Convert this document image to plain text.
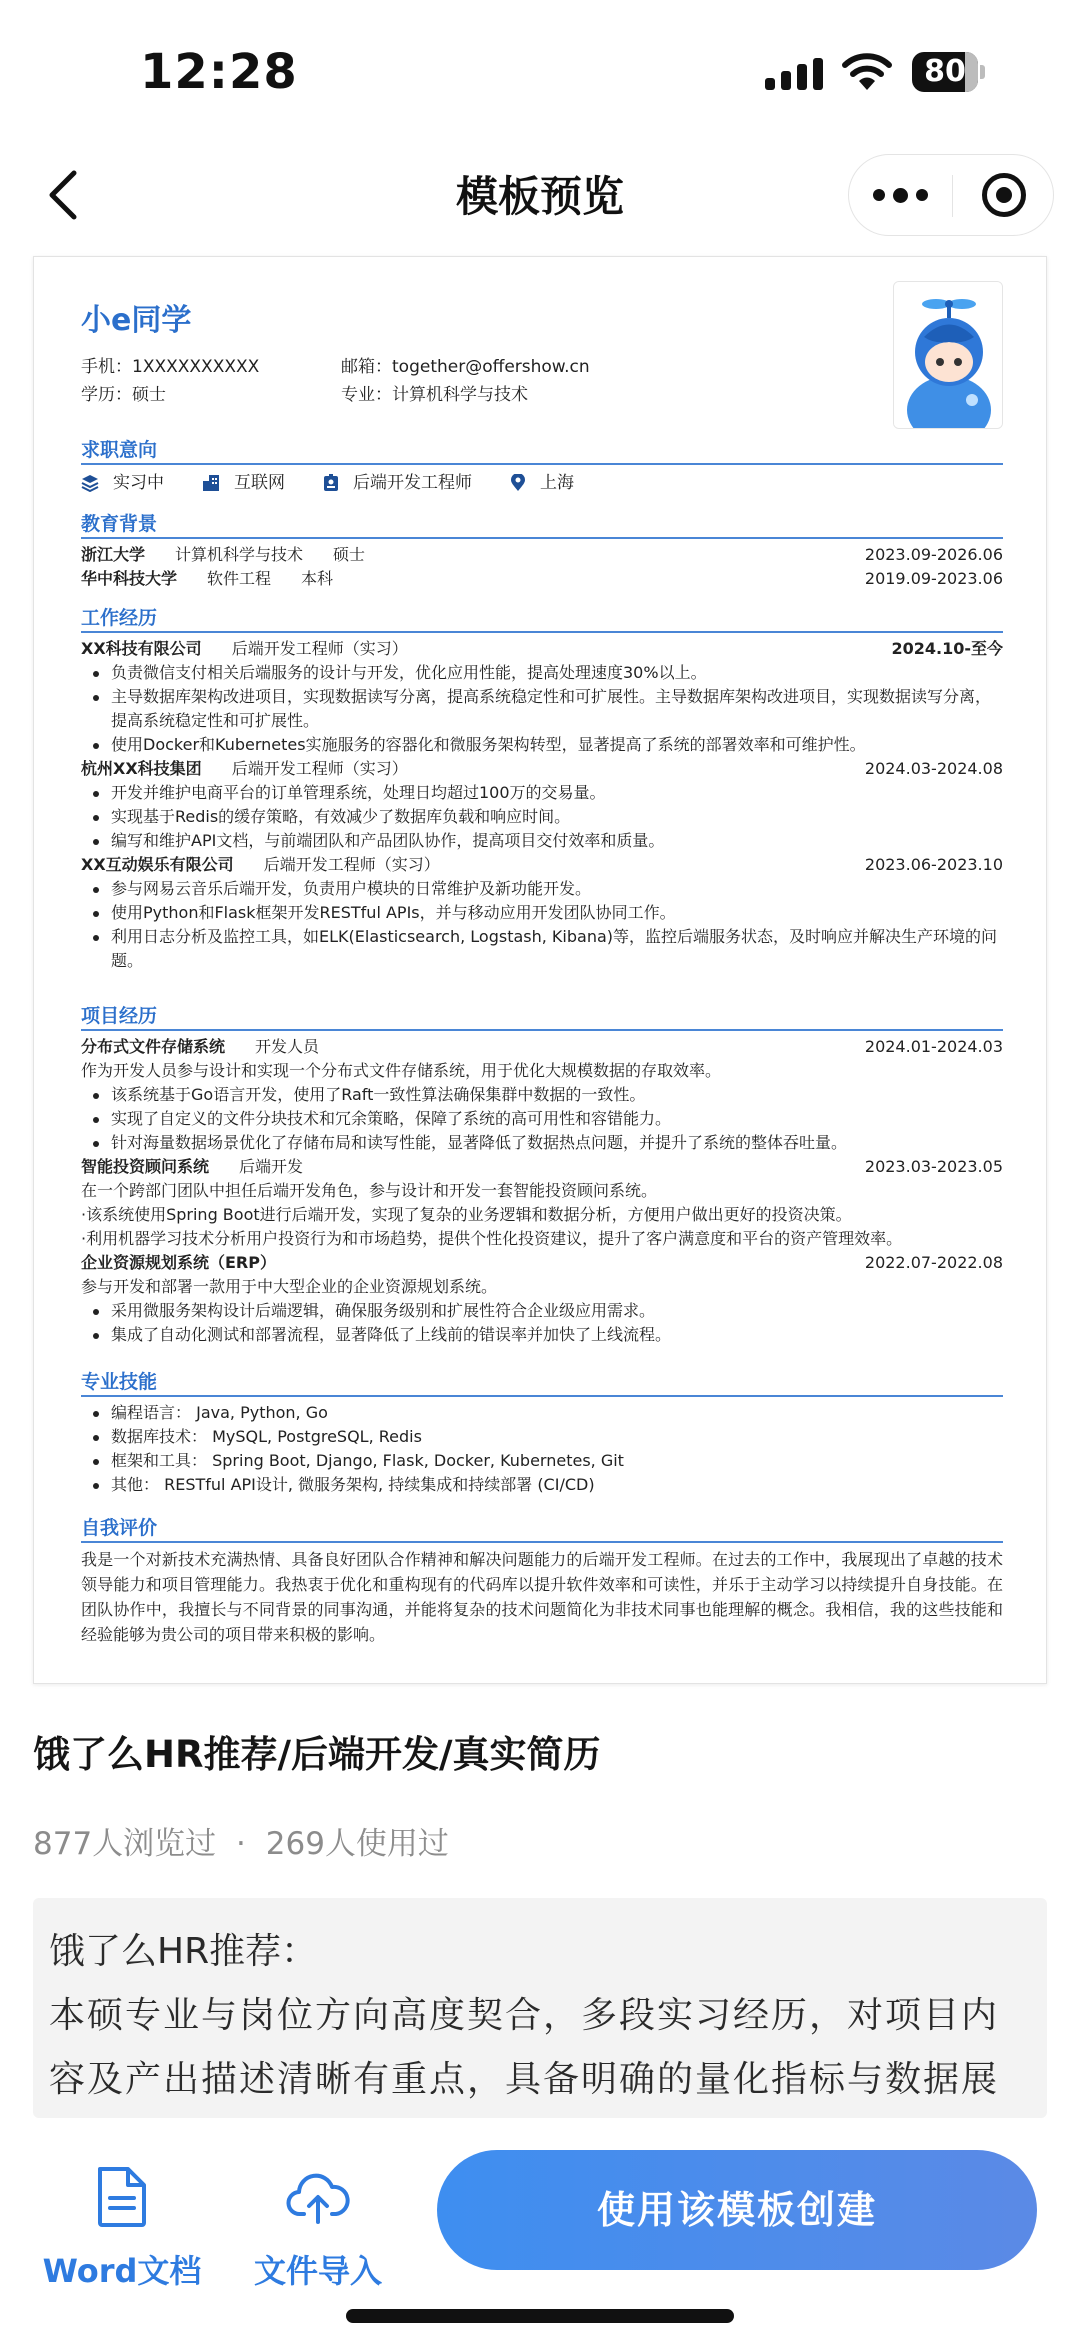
12:28	80
模板预览
小e同学
手机：1XXXXXXXXXX	邮箱：together@offershow.cn
学历：硕士	专业：计算机科学与技术
求职意向
实习中	互联网	后端开发工程师	上海
教育背景
浙江大学 计算机科学与技术 硕士	2023.09-2026.06
华中科技大学 软件工程 本科	2019.09-2023.06
工作经历
XX科技有限公司 后端开发工程师（实习）	2024.10-至今
负责微信支付相关后端服务的设计与开发，优化应用性能，提高处理速度30%以上。
主导数据库架构改进项目，实现数据读写分离，提高系统稳定性和可扩展性。主导数据库架构改进项目，实现数据读写分离，提高系统稳定性和可扩展性。
使用Docker和Kubernetes实施服务的容器化和微服务架构转型，显著提高了系统的部署效率和可维护性。
杭州XX科技集团 后端开发工程师（实习）	2024.03-2024.08
开发并维护电商平台的订单管理系统，处理日均超过100万的交易量。
实现基于Redis的缓存策略，有效减少了数据库负载和响应时间。
编写和维护API文档，与前端团队和产品团队协作，提高项目交付效率和质量。
XX互动娱乐有限公司 后端开发工程师（实习）	2023.06-2023.10
参与网易云音乐后端开发，负责用户模块的日常维护及新功能开发。
使用Python和Flask框架开发RESTful APIs，并与移动应用开发团队协同工作。
利用日志分析及监控工具，如ELK(Elasticsearch, Logstash, Kibana)等，监控后端服务状态，及时响应并解决生产环境的问题。
项目经历
分布式文件存储系统 开发人员	2024.01-2024.03
作为开发人员参与设计和实现一个分布式文件存储系统，用于优化大规模数据的存取效率。
该系统基于Go语言开发，使用了Raft一致性算法确保集群中数据的一致性。
实现了自定义的文件分块技术和冗余策略，保障了系统的高可用性和容错能力。
针对海量数据场景优化了存储布局和读写性能，显著降低了数据热点问题，并提升了系统的整体吞吐量。
智能投资顾问系统 后端开发	2023.03-2023.05
在一个跨部门团队中担任后端开发角色，参与设计和开发一套智能投资顾问系统。
·该系统使用Spring Boot进行后端开发，实现了复杂的业务逻辑和数据分析，方便用户做出更好的投资决策。
·利用机器学习技术分析用户投资行为和市场趋势，提供个性化投资建议，提升了客户满意度和平台的资产管理效率。
企业资源规划系统（ERP）	2022.07-2022.08
参与开发和部署一款用于中大型企业的企业资源规划系统。
采用微服务架构设计后端逻辑，确保服务级别和扩展性符合企业级应用需求。
集成了自动化测试和部署流程，显著降低了上线前的错误率并加快了上线流程。
专业技能
编程语言： Java, Python, Go
数据库技术： MySQL, PostgreSQL, Redis
框架和工具： Spring Boot, Django, Flask, Docker, Kubernetes, Git
其他： RESTful API设计, 微服务架构, 持续集成和持续部署 (CI/CD)
自我评价
我是一个对新技术充满热情、具备良好团队合作精神和解决问题能力的后端开发工程师。在过去的工作中，我展现出了卓越的技术领导能力和项目管理能力。我热衷于优化和重构现有的代码库以提升软件效率和可读性，并乐于主动学习以持续提升自身技能。在团队协作中，我擅长与不同背景的同事沟通，并能将复杂的技术问题简化为非技术同事也能理解的概念。我相信，我的这些技能和经验能够为贵公司的项目带来积极的影响。
饿了么HR推荐/后端开发/真实简历
877人浏览过 · 269人使用过
饿了么HR推荐：
本硕专业与岗位方向高度契合，多段实习经历，对项目内容及产出描述清晰有重点，具备明确的量化指标与数据展
Word文档	文件导入
使用该模板创建
